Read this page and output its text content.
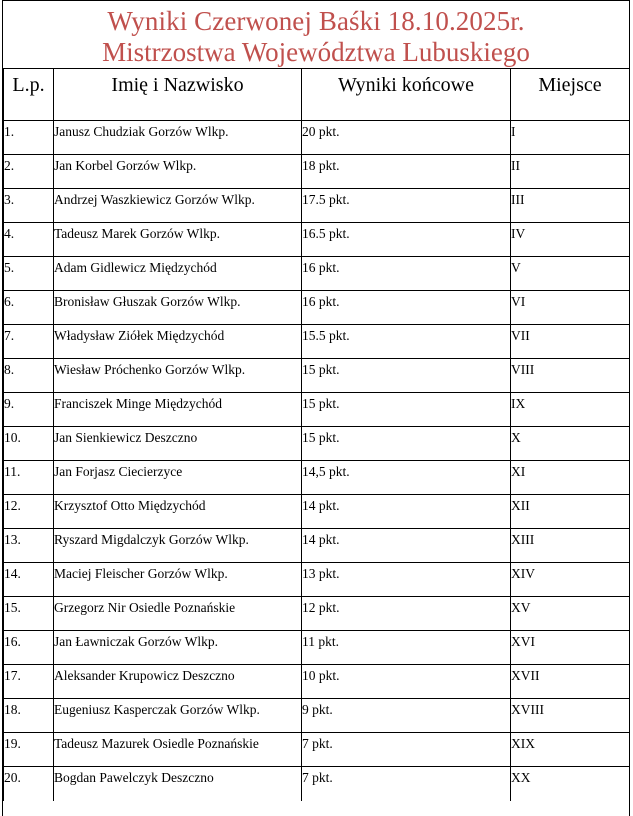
Wyniki Czerwonej Baśki 18.10.2025r.
Mistrzostwa Województwa Lubuskiego
L.p.	Imię i Nazwisko	Wyniki końcowe	Miejsce
1.	Janusz Chudziak Gorzów Wlkp.	20 pkt.	I
2.	Jan Korbel Gorzów Wlkp.	18 pkt.	II
3.	Andrzej Waszkiewicz Gorzów Wlkp.	17.5 pkt.	III
4.	Tadeusz Marek Gorzów Wlkp.	16.5 pkt.	IV
5.	Adam Gidlewicz Międzychód	16 pkt.	V
6.	Bronisław Głuszak Gorzów Wlkp.	16 pkt.	VI
7.	Władysław Ziółek Międzychód	15.5 pkt.	VII
8.	Wiesław Próchenko Gorzów Wlkp.	15 pkt.	VIII
9.	Franciszek Minge Międzychód	15 pkt.	IX
10.	Jan Sienkiewicz Deszczno	15 pkt.	X
11.	Jan Forjasz Ciecierzyce	14,5 pkt.	XI
12.	Krzysztof Otto Międzychód	14 pkt.	XII
13.	Ryszard Migdalczyk Gorzów Wlkp.	14 pkt.	XIII
14.	Maciej Fleischer Gorzów Wlkp.	13 pkt.	XIV
15.	Grzegorz Nir Osiedle Poznańskie	12 pkt.	XV
16.	Jan Ławniczak Gorzów Wlkp.	11 pkt.	XVI
17.	Aleksander Krupowicz Deszczno	10 pkt.	XVII
18.	Eugeniusz Kasperczak Gorzów Wlkp.	9 pkt.	XVIII
19.	Tadeusz Mazurek Osiedle Poznańskie	7 pkt.	XIX
20.	Bogdan Pawelczyk Deszczno	7 pkt.	XX
